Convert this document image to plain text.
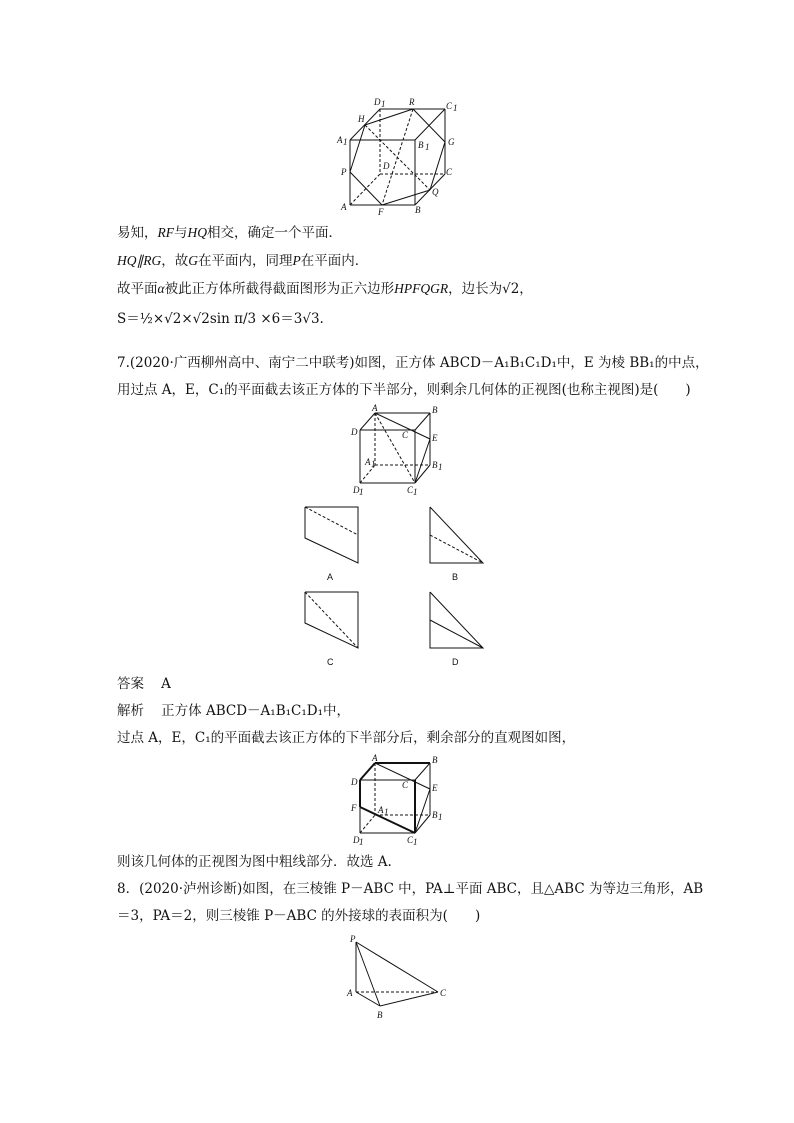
D 1	R	C 1
H
A 1	B 1 G
D
P	C
Q
A	F	B
易知，RF与HQ相交，确定一个平面．
HQ∥RG，故G在平面内，同理P在平面内．
故平面α被此正方体所截得截面图形为正六边形HPFQGR，边长为√2，
S＝½×√2×√2sin π/3 ×6＝3√3.
7.(2020·广西柳州高中、南宁二中联考)如图，正方体 ABCD－A₁B₁C₁D₁中，E 为棱 BB₁的中点，
用过点 A，E，C₁的平面截去该正方体的下半部分，则剩余几何体的正视图(也称主视图)是(　　)
A	B
D	C	E
A 1	B 1
D 1	C 1
A	B
C	D
答案 A
解析 正方体 ABCD－A₁B₁C₁D₁中，
过点 A，E，C₁的平面截去该正方体的下半部分后，剩余部分的直观图如图，
A	B
D	C	E
F A 1	B 1
D 1	C 1
则该几何体的正视图为图中粗线部分．故选 A.
8．(2020·泸州诊断)如图，在三棱锥 P－ABC 中，PA⊥平面 ABC，且△ABC 为等边三角形，AB
＝3，PA＝2，则三棱锥 P－ABC 的外接球的表面积为(　　)
P
A	C
B
